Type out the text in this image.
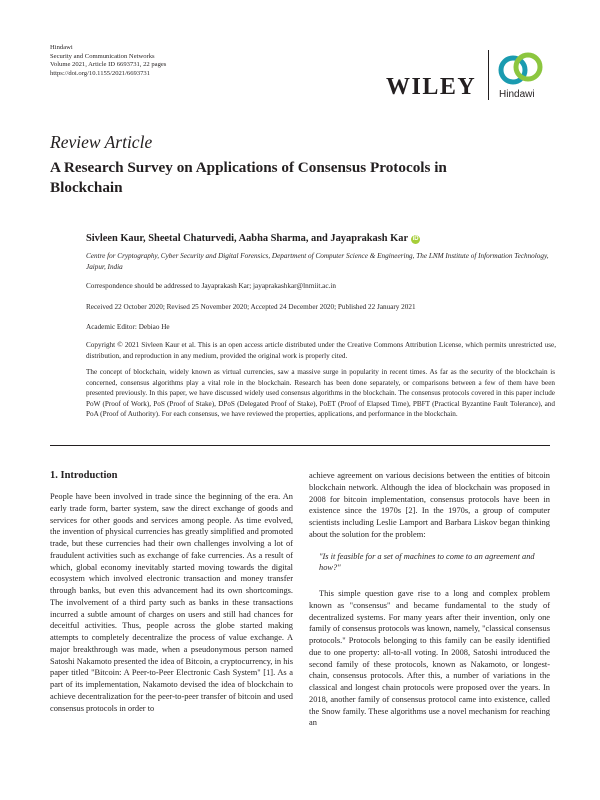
Hindawi
Security and Communication Networks
Volume 2021, Article ID 6693731, 22 pages
https://doi.org/10.1155/2021/6693731
WILEY Hindawi
Review Article
A Research Survey on Applications of Consensus Protocols in Blockchain
Sivleen Kaur, Sheetal Chaturvedi, Aabha Sharma, and Jayaprakash Kar iD
Centre for Cryptography, Cyber Security and Digital Forensics, Department of Computer Science & Engineering, The LNM Institute of Information Technology, Jaipur, India
Correspondence should be addressed to Jayaprakash Kar; jayaprakashkar@lnmiit.ac.in
Received 22 October 2020; Revised 25 November 2020; Accepted 24 December 2020; Published 22 January 2021
Academic Editor: Debiao He
Copyright © 2021 Sivleen Kaur et al. This is an open access article distributed under the Creative Commons Attribution License, which permits unrestricted use, distribution, and reproduction in any medium, provided the original work is properly cited.
The concept of blockchain, widely known as virtual currencies, saw a massive surge in popularity in recent times. As far as the security of the blockchain is concerned, consensus algorithms play a vital role in the blockchain. Research has been done separately, or comparisons between a few of them have been presented previously. In this paper, we have discussed widely used consensus algorithms in the blockchain. The consensus protocols covered in this paper include PoW (Proof of Work), PoS (Proof of Stake), DPoS (Delegated Proof of Stake), PoET (Proof of Elapsed Time), PBFT (Practical Byzantine Fault Tolerance), and PoA (Proof of Authority). For each consensus, we have reviewed the properties, applications, and performance in the blockchain.
1. Introduction

People have been involved in trade since the beginning of the era. An early trade form, barter system, saw the direct exchange of goods and services for other goods and services among people. As time evolved, the invention of physical currencies has greatly simplified and promoted trade, but these currencies had their own challenges involving a lot of fraudulent activities such as exchange of fake currencies. As a result of which, global economy inevitably started moving towards the digital ecosystem which involved electronic transaction and money transfer through banks, but even this advancement had its own shortcomings. The involvement of a third party such as banks in these transactions incurred a subtle amount of charges on users and still had chances for deceitful activities. Thus, people across the globe started making attempts to completely decentralize the process of value exchange. A major breakthrough was made, when a pseudonymous person named Satoshi Nakamoto presented the idea of Bitcoin, a cryptocurrency, in his paper titled "Bitcoin: A Peer-to-Peer Electronic Cash System" [1]. As a part of its implementation, Nakamoto devised the idea of blockchain to achieve decentralization for the peer-to-peer transfer of bitcoin and used consensus protocols in order to

achieve agreement on various decisions between the entities of bitcoin blockchain network. Although the idea of blockchain was proposed in 2008 for bitcoin implementation, consensus protocols have been in existence since the 1970s [2]. In the 1970s, a group of computer scientists including Leslie Lamport and Barbara Liskov began thinking about the solution for the problem:

"Is it feasible for a set of machines to come to an agreement and how?"

This simple question gave rise to a long and complex problem known as "consensus" and became fundamental to the study of decentralized systems. For many years after their invention, only one family of consensus protocols was known, namely, "classical consensus protocols." Protocols belonging to this family can be easily identified due to one property: all-to-all voting. In 2008, Satoshi introduced the second family of these protocols, known as Nakamoto, or longest-chain, consensus protocols. After this, a number of variations in the classical and longest chain protocols were proposed over the years. In 2018, another family of consensus protocol came into existence, called the Snow family. These algorithms use a novel mechanism for reaching an
